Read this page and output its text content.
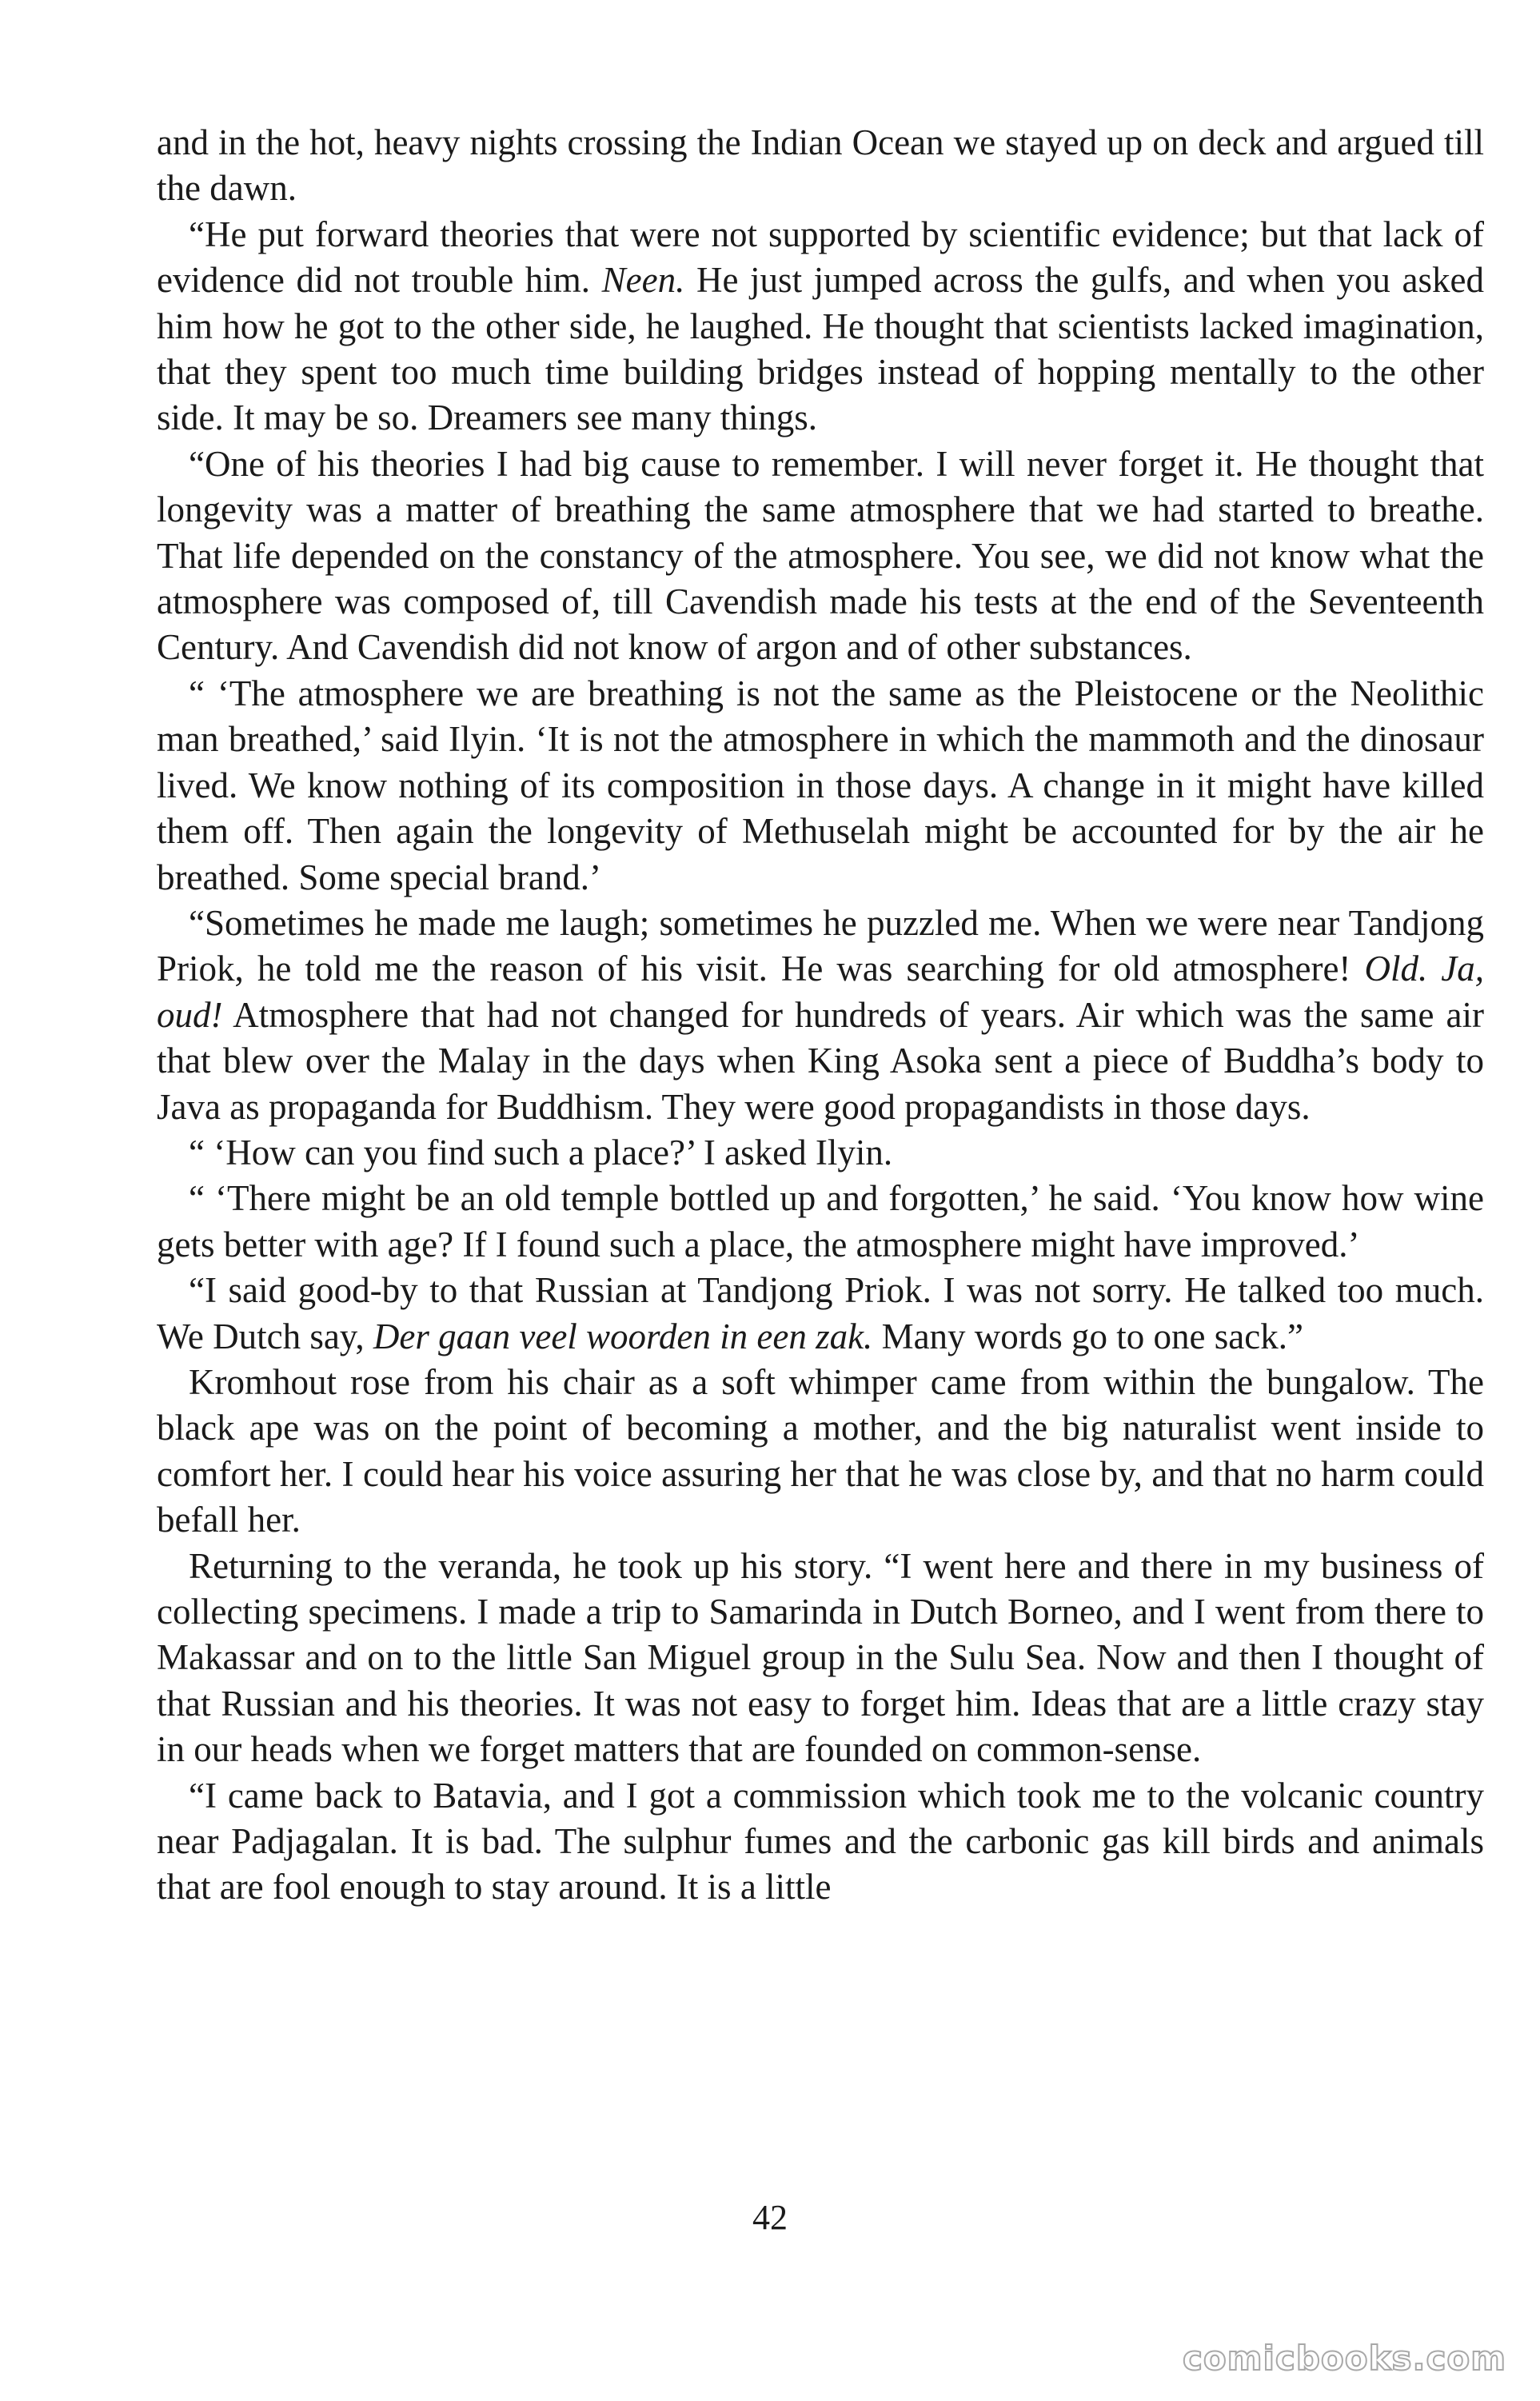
and in the hot, heavy nights crossing the Indian Ocean we stayed up on deck and argued till the dawn.

“He put forward theories that were not supported by scientific evidence; but that lack of evidence did not trouble him. Neen. He just jumped across the gulfs, and when you asked him how he got to the other side, he laughed. He thought that scientists lacked imagination, that they spent too much time building bridges instead of hopping mentally to the other side. It may be so. Dreamers see many things.

“One of his theories I had big cause to remember. I will never forget it. He thought that longevity was a matter of breathing the same atmosphere that we had started to breathe. That life depended on the constancy of the atmosphere. You see, we did not know what the atmosphere was composed of, till Cavendish made his tests at the end of the Seventeenth Century. And Cavendish did not know of argon and of other substances.

“ ‘The atmosphere we are breathing is not the same as the Pleistocene or the Neolithic man breathed,’ said Ilyin. ‘It is not the atmosphere in which the mammoth and the dinosaur lived. We know nothing of its composition in those days. A change in it might have killed them off. Then again the longevity of Methuselah might be accounted for by the air he breathed. Some special brand.’

“Sometimes he made me laugh; sometimes he puzzled me. When we were near Tandjong Priok, he told me the reason of his visit. He was searching for old atmosphere! Old. Ja, oud! Atmosphere that had not changed for hundreds of years. Air which was the same air that blew over the Malay in the days when King Asoka sent a piece of Buddha’s body to Java as propaganda for Buddhism. They were good propagandists in those days.

“ ‘How can you find such a place?’ I asked Ilyin.

“ ‘There might be an old temple bottled up and forgotten,’ he said. ‘You know how wine gets better with age? If I found such a place, the atmosphere might have improved.’

“I said good-by to that Russian at Tandjong Priok. I was not sorry. He talked too much. We Dutch say, Der gaan veel woorden in een zak. Many words go to one sack.”

Kromhout rose from his chair as a soft whimper came from within the bungalow. The black ape was on the point of becoming a mother, and the big naturalist went inside to comfort her. I could hear his voice assuring her that he was close by, and that no harm could befall her.

Returning to the veranda, he took up his story. “I went here and there in my business of collecting specimens. I made a trip to Samarinda in Dutch Borneo, and I went from there to Makassar and on to the little San Miguel group in the Sulu Sea. Now and then I thought of that Russian and his theories. It was not easy to forget him. Ideas that are a little crazy stay in our heads when we forget matters that are founded on common-sense.

“I came back to Batavia, and I got a commission which took me to the volcanic country near Padjagalan. It is bad. The sulphur fumes and the carbonic gas kill birds and animals that are fool enough to stay around. It is a little

42
comicbooks.com
